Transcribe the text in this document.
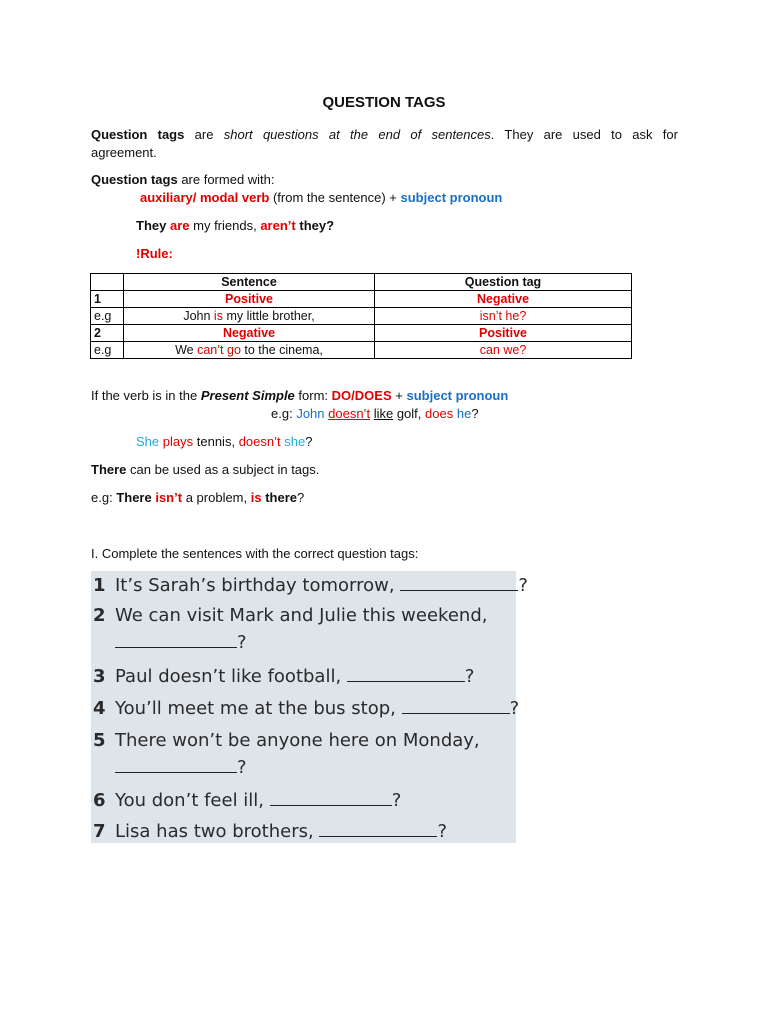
QUESTION TAGS
Question tags are short questions at the end of sentences. They are used to ask for
agreement.
Question tags are formed with:
auxiliary/ modal verb (from the sentence) + subject pronoun
They are my friends, aren’t they?
!Rule:
	Sentence	Question tag
1	Positive	Negative
e.g	John is my little brother,	isn’t he?
2	Negative	Positive
e.g	We can’t go to the cinema,	can we?
If the verb is in the Present Simple form: DO/DOES + subject pronoun
e.g: John doesn’t like golf, does he?
She plays tennis, doesn’t she?
There can be used as a subject in tags.
e.g: There isn’t a problem, is there?
I. Complete the sentences with the correct question tags:
1 It’s Sarah’s birthday tomorrow,	?
2 We can visit Mark and Julie this weekend,
?
3 Paul doesn’t like football,	?
4 You’ll meet me at the bus stop,	?
5 There won’t be anyone here on Monday,
?
6 You don’t feel ill,	?
7 Lisa has two brothers,	?
